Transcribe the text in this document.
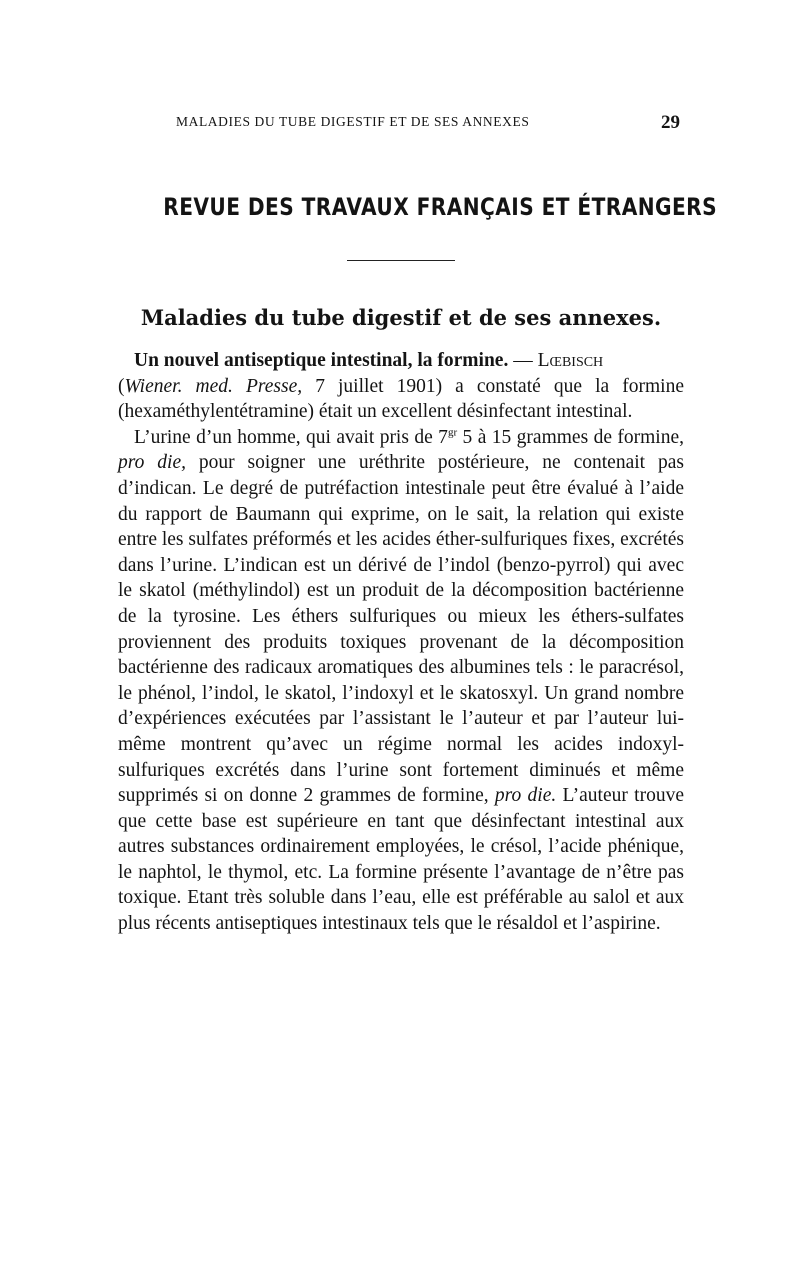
MALADIES DU TUBE DIGESTIF ET DE SES ANNEXES	29
REVUE DES TRAVAUX FRANÇAIS ET ÉTRANGERS
Maladies du tube digestif et de ses annexes.

Un nouvel antiseptique intestinal, la formine. — Lœbisch
(Wiener. med. Presse, 7 juillet 1901) a constaté que la formine (hexaméthylentétramine) était un excellent désinfectant intestinal.

L’urine d’un homme, qui avait pris de $7^{gr}$ 5 à 15 grammes de formine, pro die, pour soigner une uréthrite postérieure, ne contenait pas d’indican. Le degré de putréfaction intestinale peut être évalué à l’aide du rapport de Baumann qui exprime, on le sait, la relation qui existe entre les sulfates préformés et les acides éther-sulfuriques fixes, excrétés dans l’urine. L’indican est un dérivé de l’indol (benzo-pyrrol) qui avec le skatol (méthylindol) est un produit de la décomposition bactérienne de la tyrosine. Les éthers sulfuriques ou mieux les éthers-sulfates proviennent des produits toxiques provenant de la décomposition bactérienne des radicaux aromatiques des albumines tels : le paracrésol, le phénol, l’indol, le skatol, l’indoxyl et le skatosxyl. Un grand nombre d’expériences exécutées par l’assistant le l’auteur et par l’auteur lui-même montrent qu’avec un régime normal les acides indoxyl-sulfuriques excrétés dans l’urine sont fortement diminués et même supprimés si on donne 2 grammes de formine, pro die. L’auteur trouve que cette base est supérieure en tant que désinfectant intestinal aux autres substances ordinairement employées, le crésol, l’acide phénique, le naphtol, le thymol, etc. La formine présente l’avantage de n’être pas toxique. Etant très soluble dans l’eau, elle est préférable au salol et aux plus récents antiseptiques intestinaux tels que le résaldol et l’aspirine.
